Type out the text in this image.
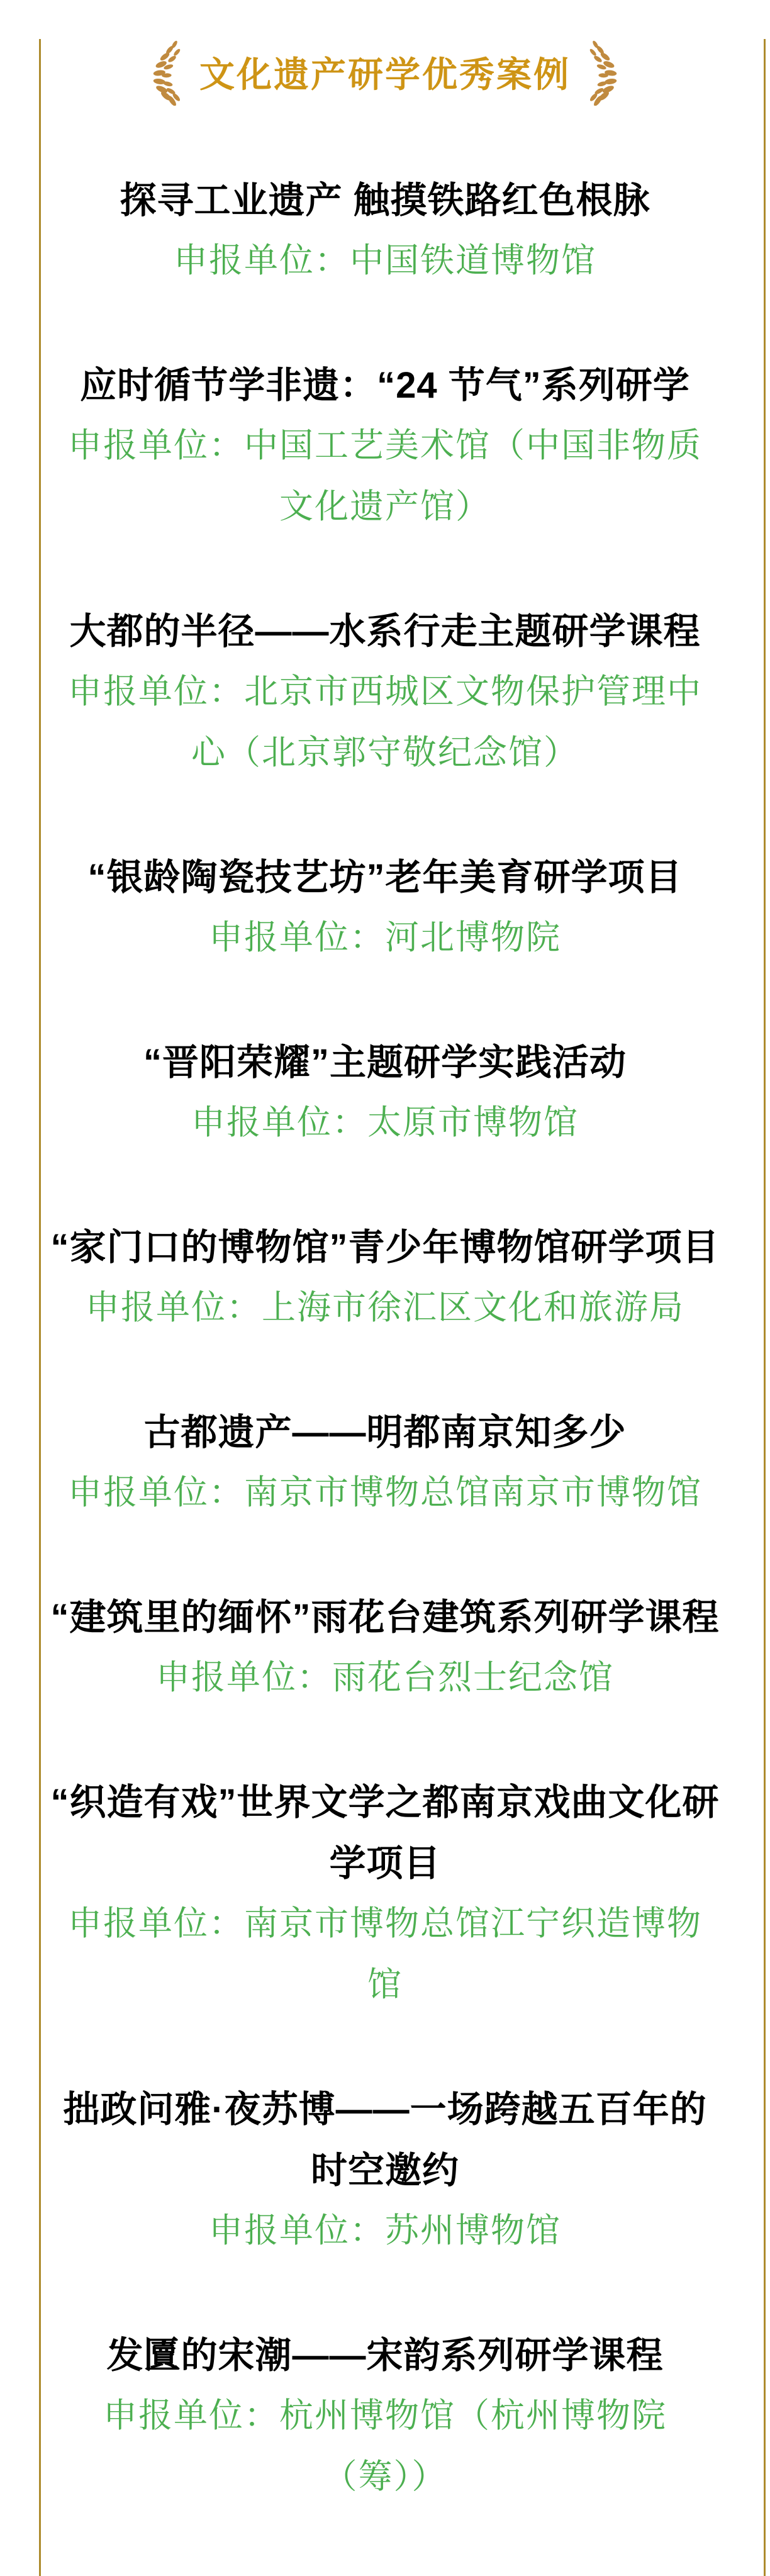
文化遗产研学优秀案例
探寻工业遗产 触摸铁路红色根脉
申报单位：中国铁道博物馆
应时循节学非遗：“24 节气”系列研学
申报单位：中国工艺美术馆（中国非物质
文化遗产馆）
大都的半径——水系行走主题研学课程
申报单位：北京市西城区文物保护管理中
心（北京郭守敬纪念馆）
“银龄陶瓷技艺坊”老年美育研学项目
申报单位：河北博物院
“晋阳荣耀”主题研学实践活动
申报单位：太原市博物馆
“家门口的博物馆”青少年博物馆研学项目
申报单位：上海市徐汇区文化和旅游局
古都遗产——明都南京知多少
申报单位：南京市博物总馆南京市博物馆
“建筑里的缅怀”雨花台建筑系列研学课程
申报单位：雨花台烈士纪念馆
“织造有戏”世界文学之都南京戏曲文化研
学项目
申报单位：南京市博物总馆江宁织造博物
馆
拙政问雅·夜苏博——一场跨越五百年的
时空邀约
申报单位：苏州博物馆
发匵的宋潮——宋韵系列研学课程
申报单位：杭州博物馆（杭州博物院
（筹））
